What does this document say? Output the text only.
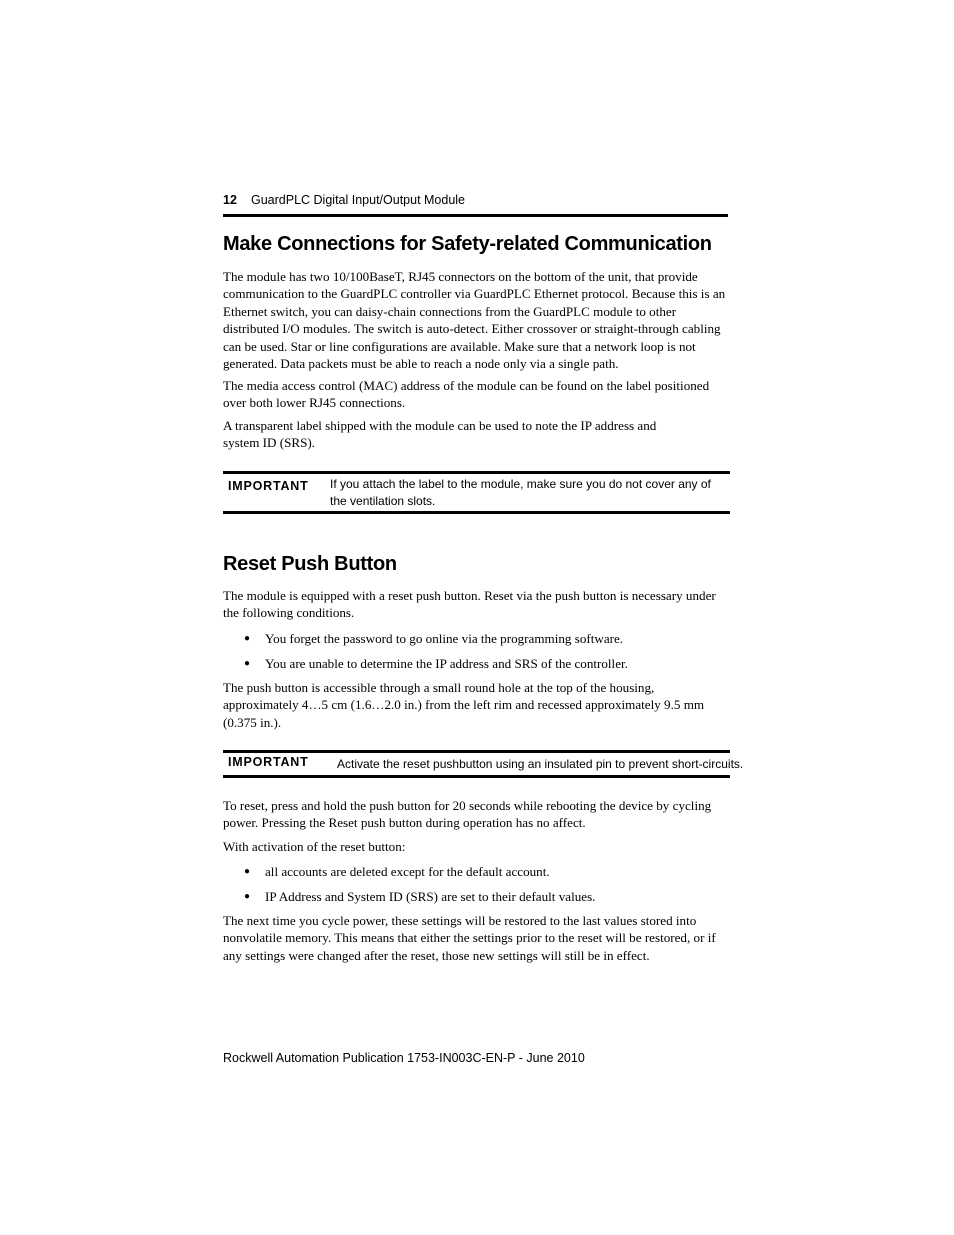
12 GuardPLC Digital Input/Output Module
Make Connections for Safety-related Communication

The module has two 10/100BaseT, RJ45 connectors on the bottom of the unit, that provide communication to the GuardPLC controller via GuardPLC Ethernet protocol. Because this is an Ethernet switch, you can daisy-chain connections from the GuardPLC module to other distributed I/O modules. The switch is auto-detect. Either crossover or straight-through cabling can be used. Star or line configurations are available. Make sure that a network loop is not generated. Data packets must be able to reach a node only via a single path.

The media access control (MAC) address of the module can be found on the label positioned over both lower RJ45 connections.

A transparent label shipped with the module can be used to note the IP address and system ID (SRS).

IMPORTANT If you attach the label to the module, make sure you do not cover any of the ventilation slots.
Reset Push Button

The module is equipped with a reset push button. Reset via the push button is necessary under the following conditions.

● You forget the password to go online via the programming software.
● You are unable to determine the IP address and SRS of the controller.

The push button is accessible through a small round hole at the top of the housing, approximately 4…5 cm (1.6…2.0 in.) from the left rim and recessed approximately 9.5 mm (0.375 in.).

IMPORTANT Activate the reset pushbutton using an insulated pin to prevent short-circuits.

To reset, press and hold the push button for 20 seconds while rebooting the device by cycling power. Pressing the Reset push button during operation has no affect.

With activation of the reset button:

● all accounts are deleted except for the default account.
● IP Address and System ID (SRS) are set to their default values.

The next time you cycle power, these settings will be restored to the last values stored into nonvolatile memory. This means that either the settings prior to the reset will be restored, or if any settings were changed after the reset, those new settings will still be in effect.

Rockwell Automation Publication 1753-IN003C-EN-P - June 2010
